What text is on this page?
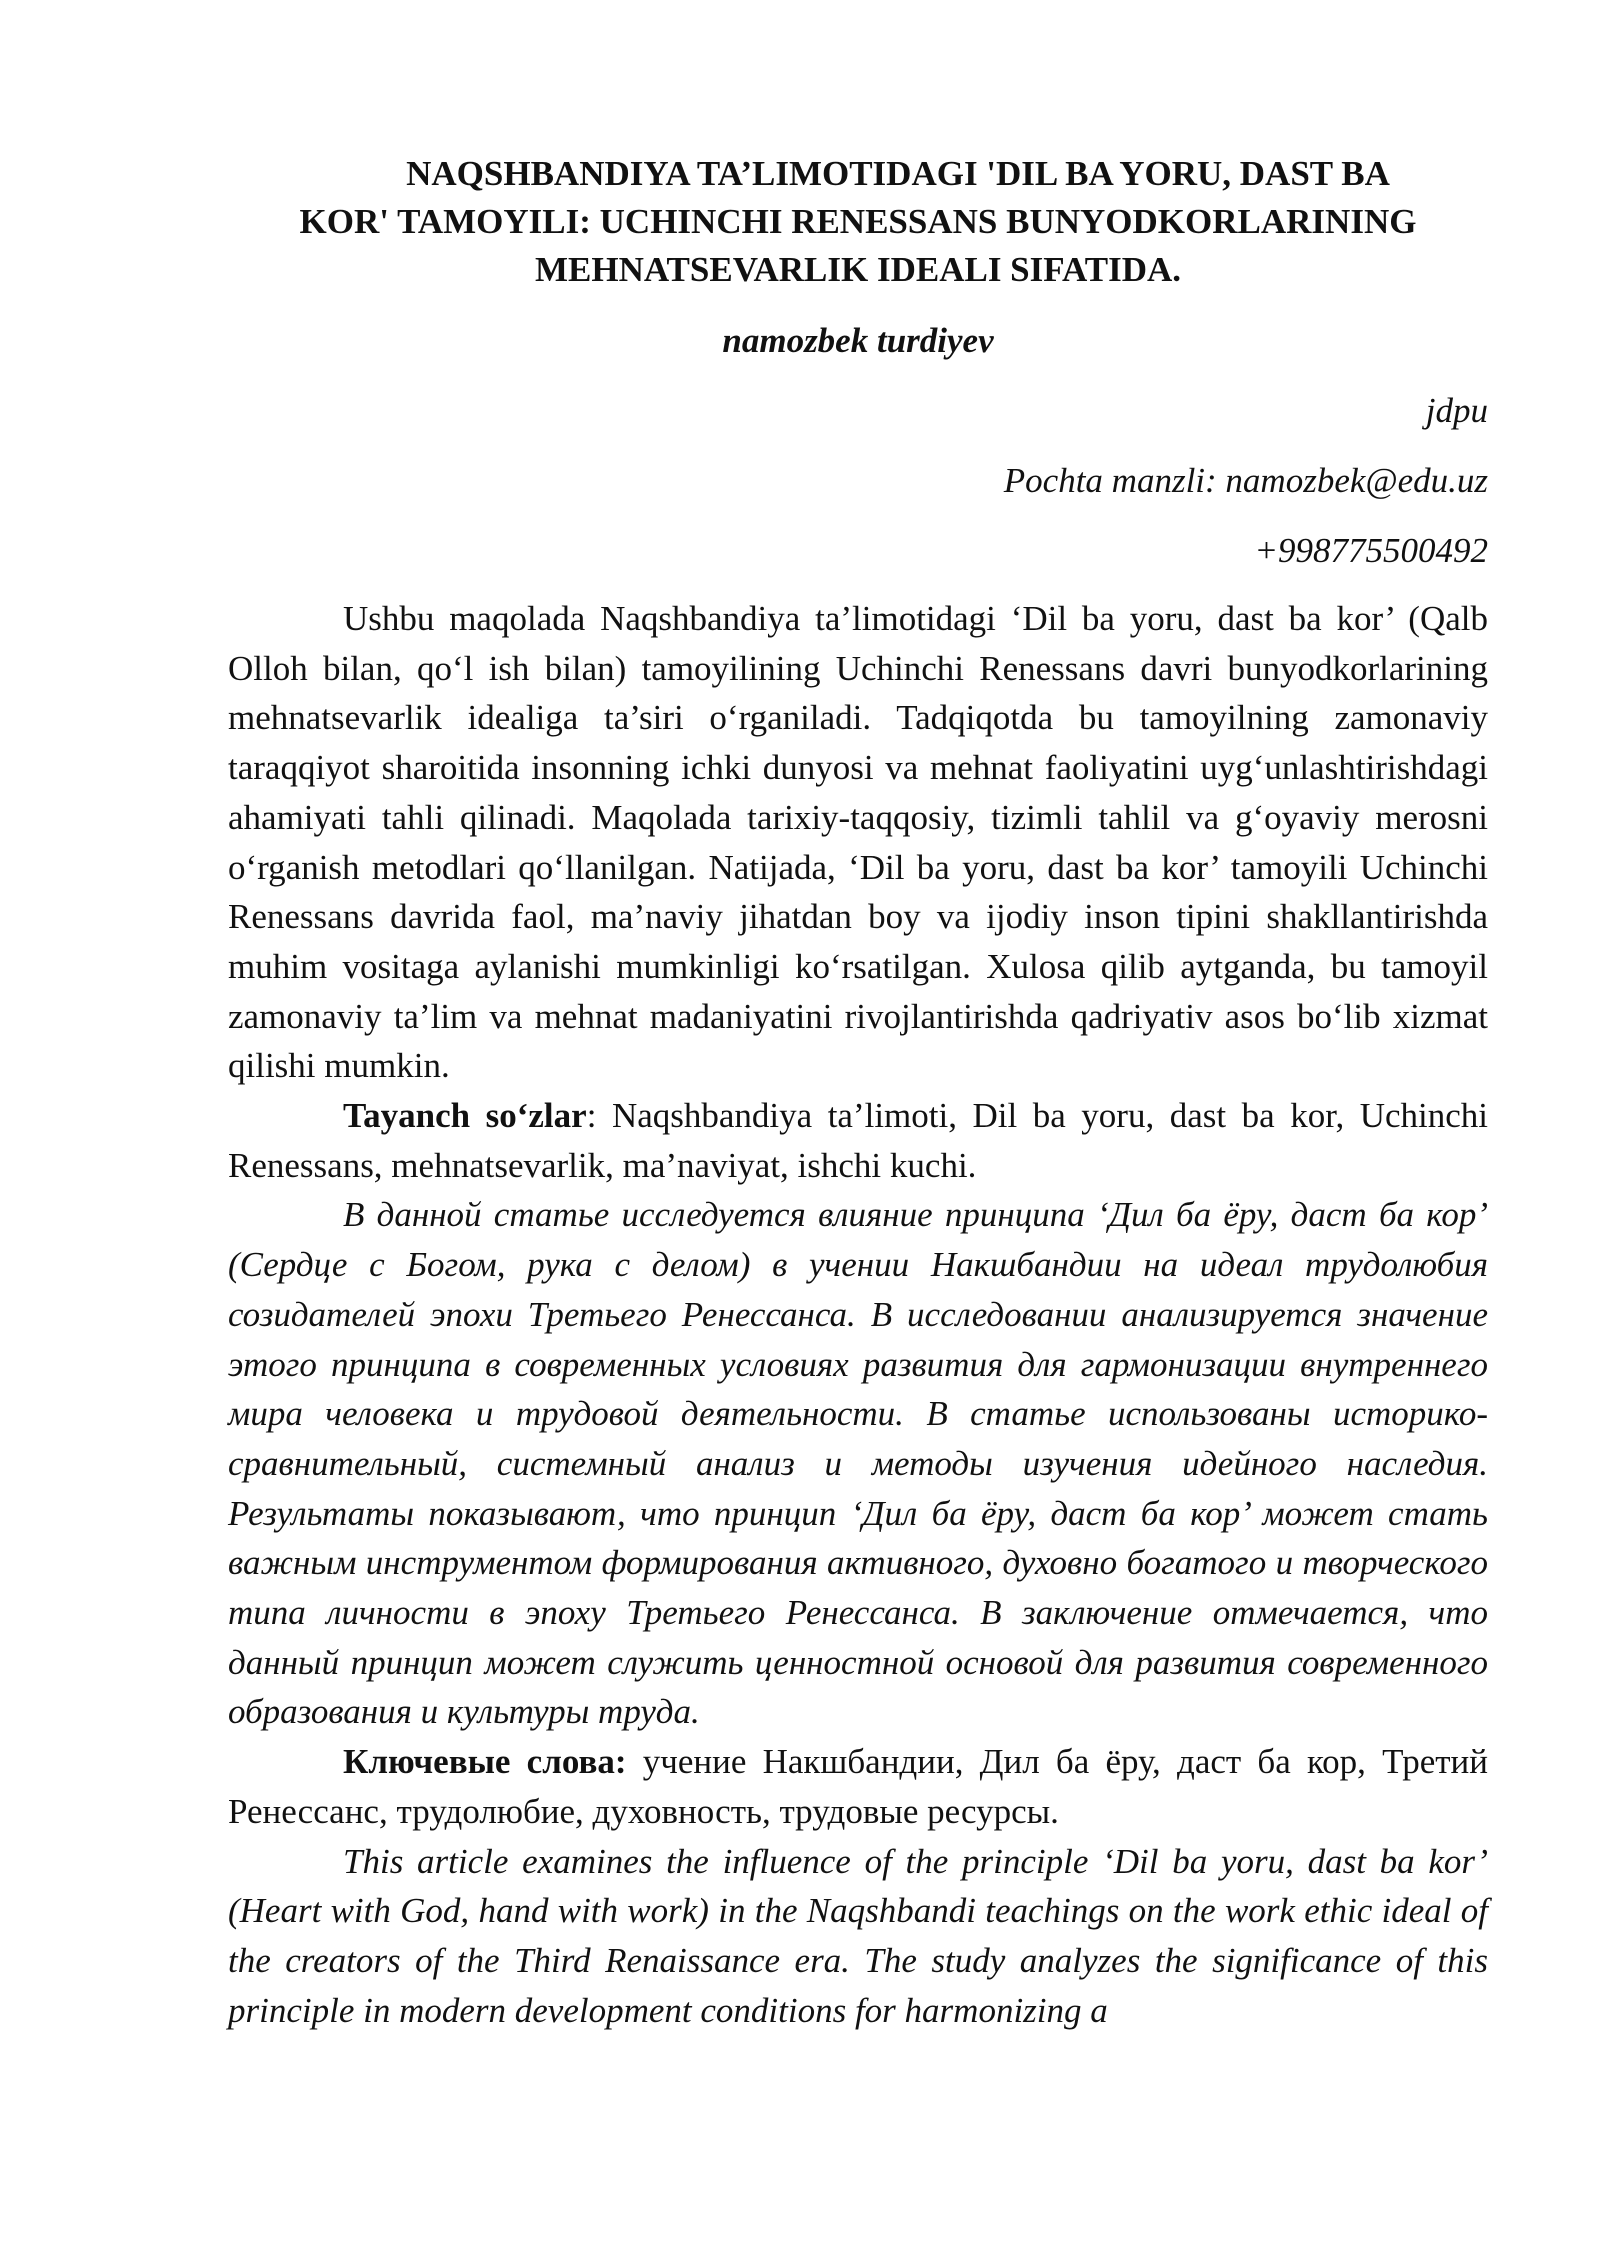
NAQSHBANDIYA TA’LIMOTIDAGI 'DIL BA YORU, DAST BA
KOR' TAMOYILI: UCHINCHI RENESSANS BUNYODKORLARINING
MEHNATSEVARLIK IDEALI SIFATIDA.
namozbek turdiyev
jdpu
Pochta manzli: namozbek@edu.uz
+998775500492

Ushbu maqolada Naqshbandiya ta’limotidagi ‘Dil ba yoru, dast ba kor’ (Qalb Olloh bilan, qo‘l ish bilan) tamoyilining Uchinchi Renessans davri bunyodkorlarining mehnatsevarlik idealiga ta’siri o‘rganiladi. Tadqiqotda bu tamoyilning zamonaviy taraqqiyot sharoitida insonning ichki dunyosi va mehnat faoliyatini uyg‘unlashtirishdagi ahamiyati tahli qilinadi. Maqolada tarixiy-taqqosiy, tizimli tahlil va g‘oyaviy merosni o‘rganish metodlari qo‘llanilgan. Natijada, ‘Dil ba yoru, dast ba kor’ tamoyili Uchinchi Renessans davrida faol, ma’naviy jihatdan boy va ijodiy inson tipini shakllantirishda muhim vositaga aylanishi mumkinligi ko‘rsatilgan. Xulosa qilib aytganda, bu tamoyil zamonaviy ta’lim va mehnat madaniyatini rivojlantirishda qadriyativ asos bo‘lib xizmat qilishi mumkin.

Tayanch so‘zlar: Naqshbandiya ta’limoti, Dil ba yoru, dast ba kor, Uchinchi Renessans, mehnatsevarlik, ma’naviyat, ishchi kuchi.

В данной статье исследуется влияние принципа ‘Дил ба ёру, даст ба кор’ (Сердце с Богом, рука с делом) в учении Накшбандии на идеал трудолюбия созидателей эпохи Третьего Ренессанса. В исследовании анализируется значение этого принципа в современных условиях развития для гармонизации внутреннего мира человека и трудовой деятельности. В статье использованы историко-сравнительный, системный анализ и методы изучения идейного наследия. Результаты показывают, что принцип ‘Дил ба ёру, даст ба кор’ может стать важным инструментом формирования активного, духовно богатого и творческого типа личности в эпоху Третьего Ренессанса. В заключение отмечается, что данный принцип может служить ценностной основой для развития современного образования и культуры труда.

Ключевые слова: учение Накшбандии, Дил ба ёру, даст ба кор, Третий Ренессанс, трудолюбие, духовность, трудовые ресурсы.

This article examines the influence of the principle ‘Dil ba yoru, dast ba kor’ (Heart with God, hand with work) in the Naqshbandi teachings on the work ethic ideal of the creators of the Third Renaissance era. The study analyzes the significance of this principle in modern development conditions for harmonizing a
